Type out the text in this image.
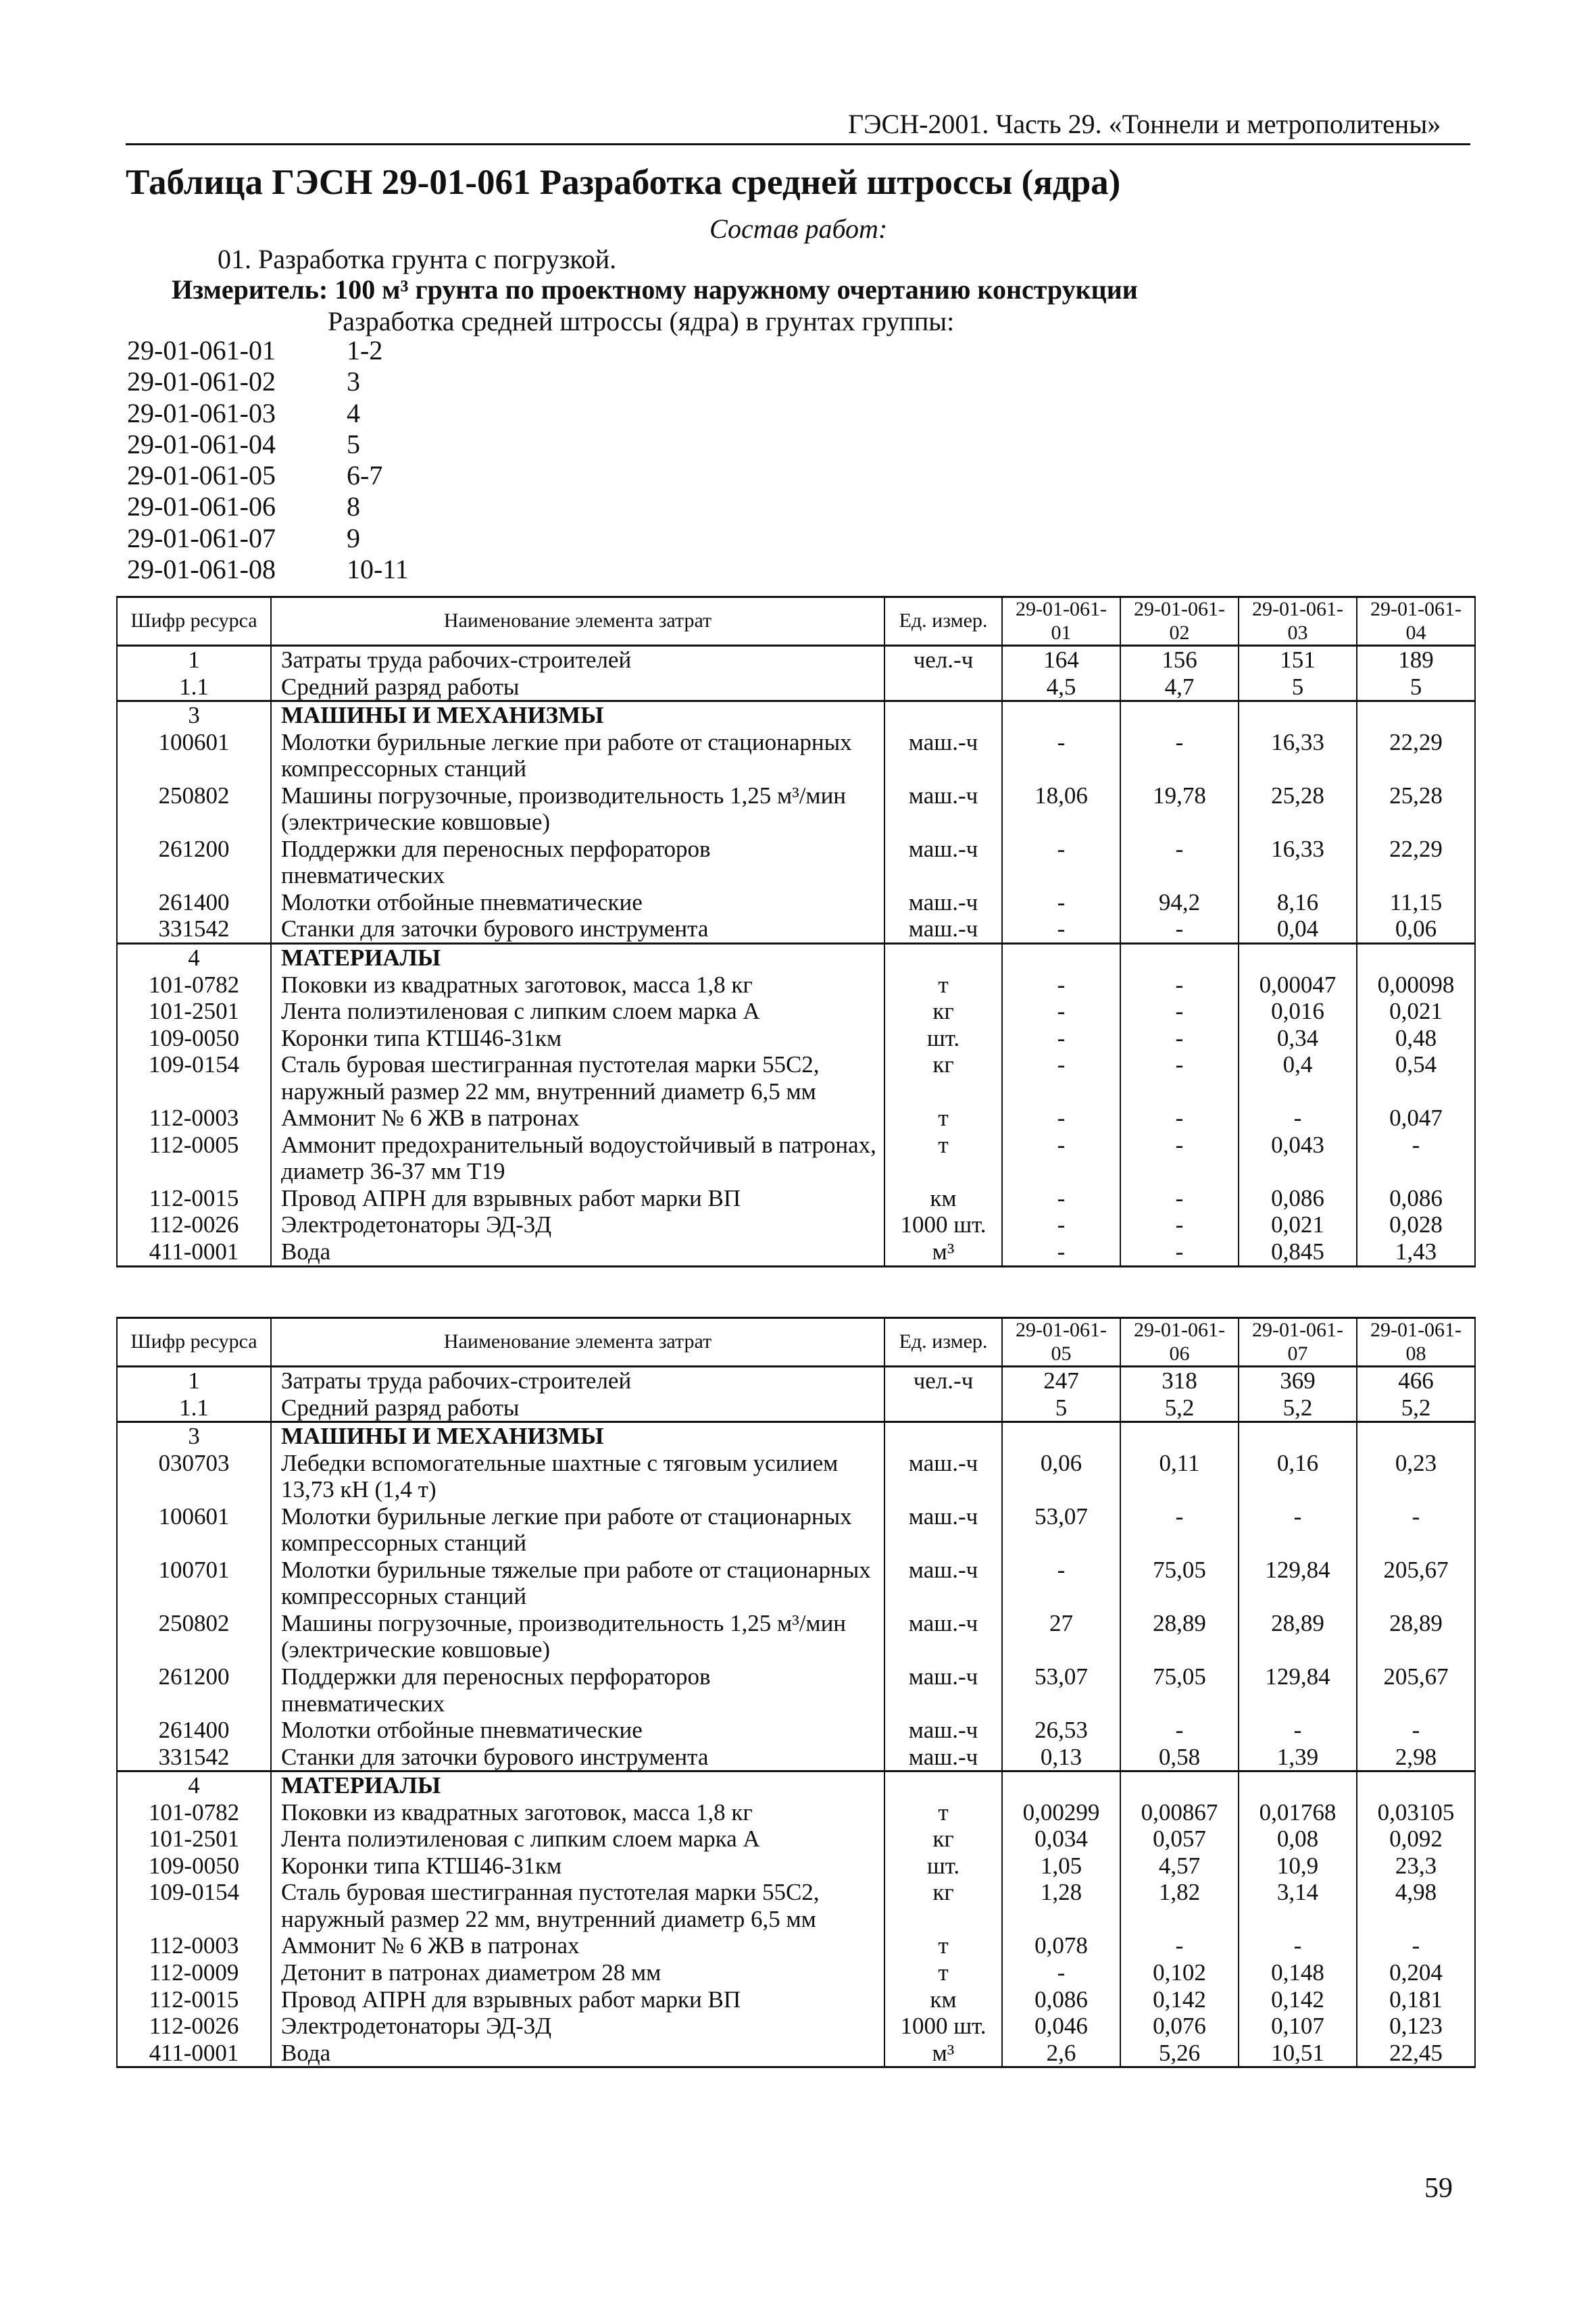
ГЭСН-2001. Часть 29. «Тоннели и метрополитены»
Таблица ГЭСН 29-01-061 Разработка средней штроссы (ядра)
Состав работ:
01. Разработка грунта с погрузкой.
Измеритель: 100 м³ грунта по проектному наружному очертанию конструкции
Разработка средней штроссы (ядра) в грунтах группы:
29-01-061-01	1-2
29-01-061-02	3
29-01-061-03	4
29-01-061-04	5
29-01-061-05	6-7
29-01-061-06	8
29-01-061-07	9
29-01-061-08	10-11
Шифр ресурса	Наименование элемента затрат	Ед. измер.	29-01-061-01	29-01-061-02	29-01-061-03	29-01-061-04
1	Затраты труда рабочих-строителей	чел.-ч	164	156	151	189
1.1	Средний разряд работы		4,5	4,7	5	5
3	МАШИНЫ И МЕХАНИЗМЫ					
100601	Молотки бурильные легкие при работе от стационарных компрессорных станций	маш.-ч	-	-	16,33	22,29
250802	Машины погрузочные, производительность 1,25 м³/мин (электрические ковшовые)	маш.-ч	18,06	19,78	25,28	25,28
261200	Поддержки для переносных перфораторов пневматических	маш.-ч	-	-	16,33	22,29
261400	Молотки отбойные пневматические	маш.-ч	-	94,2	8,16	11,15
331542	Станки для заточки бурового инструмента	маш.-ч	-	-	0,04	0,06
4	МАТЕРИАЛЫ					
101-0782	Поковки из квадратных заготовок, масса 1,8 кг	т	-	-	0,00047	0,00098
101-2501	Лента полиэтиленовая с липким слоем марка А	кг	-	-	0,016	0,021
109-0050	Коронки типа КТШ46-31км	шт.	-	-	0,34	0,48
109-0154	Сталь буровая шестигранная пустотелая марки 55С2, наружный размер 22 мм, внутренний диаметр 6,5 мм	кг	-	-	0,4	0,54
112-0003	Аммонит № 6 ЖВ в патронах	т	-	-	-	0,047
112-0005	Аммонит предохранительный водоустойчивый в патронах, диаметр 36-37 мм Т19	т	-	-	0,043	-
112-0015	Провод АПРН для взрывных работ марки ВП	км	-	-	0,086	0,086
112-0026	Электродетонаторы ЭД-3Д	1000 шт.	-	-	0,021	0,028
411-0001	Вода	м³	-	-	0,845	1,43
Шифр ресурса	Наименование элемента затрат	Ед. измер.	29-01-061-05	29-01-061-06	29-01-061-07	29-01-061-08
1	Затраты труда рабочих-строителей	чел.-ч	247	318	369	466
1.1	Средний разряд работы		5	5,2	5,2	5,2
3	МАШИНЫ И МЕХАНИЗМЫ					
030703	Лебедки вспомогательные шахтные с тяговым усилием 13,73 кН (1,4 т)	маш.-ч	0,06	0,11	0,16	0,23
100601	Молотки бурильные легкие при работе от стационарных компрессорных станций	маш.-ч	53,07	-	-	-
100701	Молотки бурильные тяжелые при работе от стационарных компрессорных станций	маш.-ч	-	75,05	129,84	205,67
250802	Машины погрузочные, производительность 1,25 м³/мин (электрические ковшовые)	маш.-ч	27	28,89	28,89	28,89
261200	Поддержки для переносных перфораторов пневматических	маш.-ч	53,07	75,05	129,84	205,67
261400	Молотки отбойные пневматические	маш.-ч	26,53	-	-	-
331542	Станки для заточки бурового инструмента	маш.-ч	0,13	0,58	1,39	2,98
4	МАТЕРИАЛЫ					
101-0782	Поковки из квадратных заготовок, масса 1,8 кг	т	0,00299	0,00867	0,01768	0,03105
101-2501	Лента полиэтиленовая с липким слоем марка А	кг	0,034	0,057	0,08	0,092
109-0050	Коронки типа КТШ46-31км	шт.	1,05	4,57	10,9	23,3
109-0154	Сталь буровая шестигранная пустотелая марки 55С2, наружный размер 22 мм, внутренний диаметр 6,5 мм	кг	1,28	1,82	3,14	4,98
112-0003	Аммонит № 6 ЖВ в патронах	т	0,078	-	-	-
112-0009	Детонит в патронах диаметром 28 мм	т	-	0,102	0,148	0,204
112-0015	Провод АПРН для взрывных работ марки ВП	км	0,086	0,142	0,142	0,181
112-0026	Электродетонаторы ЭД-3Д	1000 шт.	0,046	0,076	0,107	0,123
411-0001	Вода	м³	2,6	5,26	10,51	22,45
59
